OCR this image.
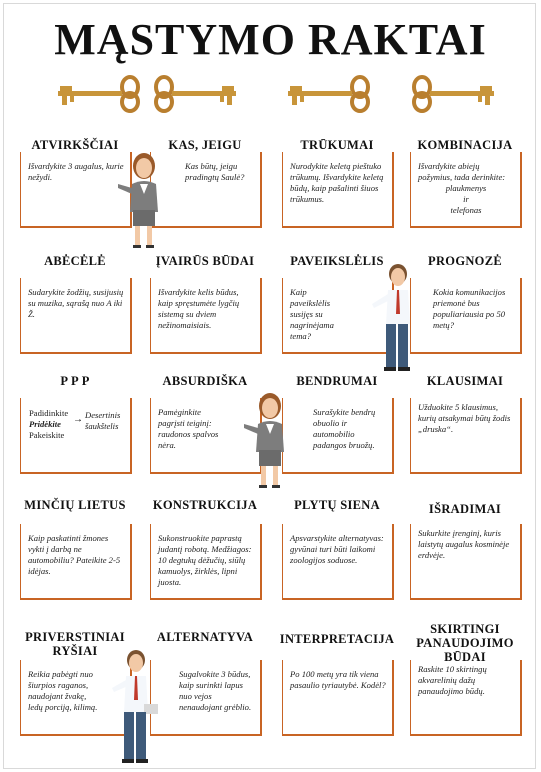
MĄSTYMO RAKTAI
ATVIRKŠČIAI
Išvardykite 3 augalus, kurie nežydi.
KAS, JEIGU
Kas būtų, jeigu pradingtų Saulė?
TRŪKUMAI
Nurodykite keletą pieštuko trūkumų. Išvardykite keletą būdų, kaip pašalinti šiuos trūkumus.
KOMBINACIJA
Išvardykite abiejų požymius, tada derinkite:
plaukmenys
ir
telefonas
ABĖCĖLĖ
Sudarykite žodžių, susijusių su muzika, sąrašą nuo A iki Ž.
ĮVAIRŪS BŪDAI
Išvardykite kelis būdus, kaip spręstumėte lygčių sistemą su dviem nežinomaisiais.
PAVEIKSLĖLIS
Kaip paveikslėlis susijęs su nagrinėjama tema?
PROGNOZĖ
Kokia komunikacijos priemonė bus populiariausia po 50 metų?
P P P
Padidinkite
Pridėkite
Pakeiskite
→ Desertinis šaukštelis
ABSURDIŠKA
Pamėginkite pagrįsti teiginį: raudonos spalvos nėra.
BENDRUMAI
Surašykite bendrų obuolio ir automobilio padangos bruožų.
KLAUSIMAI
Užduokite 5 klausimus, kurių atsakymai būtų žodis „druska“.
MINČIŲ LIETUS
Kaip paskatinti žmones vykti į darbą ne automobiliu? Pateikite 2-5 idėjas.
KONSTRUKCIJA
Sukonstruokite paprastą judantį robotą. Medžiagos: 10 degtukų dėžučių, siūlų kamuolys, žirklės, lipni juosta.
PLYTŲ SIENA
Apsvarstykite alternatyvas: gyvūnai turi būti laikomi zoologijos soduose.
IŠRADIMAI
Sukurkite įrenginį, kuris laistytų augalus kosminėje erdvėje.
PRIVERSTINIAI RYŠIAI
Reikia pabėgti nuo šiurpios raganos, naudojant žvakę, ledų porciją, kilimą.
ALTERNATYVA
Sugalvokite 3 būdus, kaip surinkti lapus nuo vejos nenaudojant grėblio.
INTERPRETACIJA
Po 100 metų yra tik viena pasaulio tyriautybė. Kodėl?
SKIRTINGI PANAUDOJIMO BŪDAI
Raskite 10 skirtingų akvarelinių dažų panaudojimo būdų.
